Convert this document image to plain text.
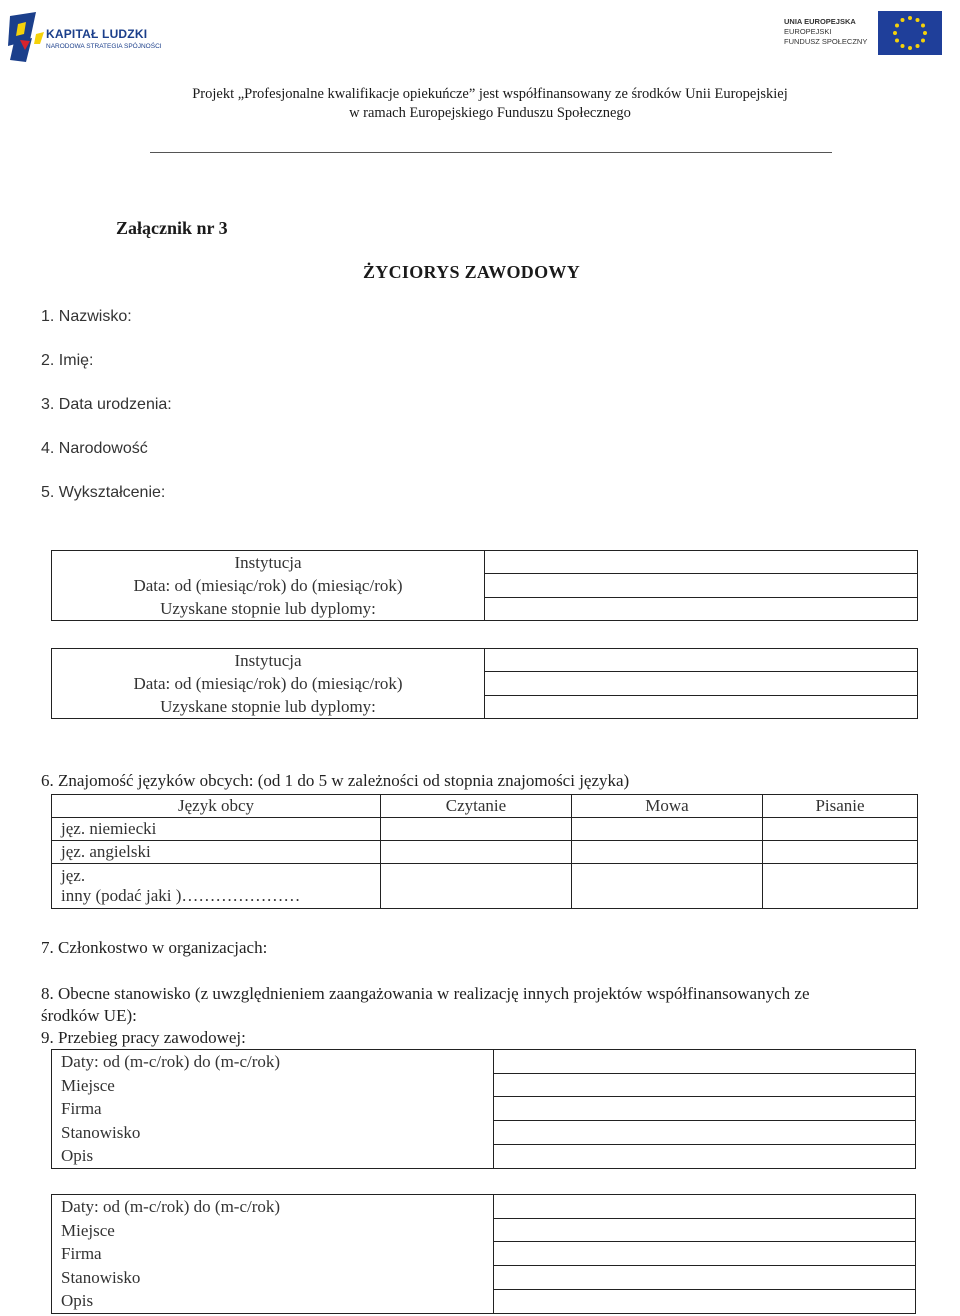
KAPITAŁ LUDZKI
NARODOWA STRATEGIA SPÓJNOŚCI
UNIA EUROPEJSKA
EUROPEJSKI
FUNDUSZ SPOŁECZNY
Projekt „Profesjonalne kwalifikacje opiekuńcze” jest współfinansowany ze środków Unii Europejskiej
w ramach Europejskiego Funduszu Społecznego
Załącznik nr 3
ŻYCIORYS ZAWODOWY
1. Nazwisko:
2. Imię:
3. Data urodzenia:
4. Narodowość
5. Wykształcenie:
Instytucja
Data: od (miesiąc/rok) do (miesiąc/rok)
Uzyskane stopnie lub dyplomy:

Instytucja
Data: od (miesiąc/rok) do (miesiąc/rok)
Uzyskane stopnie lub dyplomy:

6. Znajomość języków obcych: (od 1 do 5 w zależności od stopnia znajomości języka)
Język obcy	Czytanie	Mowa	Pisanie
jęz. niemiecki			
jęz. angielski			

jęz.
inny (podać jaki )…………………			

7. Członkostwo w organizacjach:
8. Obecne stanowisko (z uwzględnieniem zaangażowania w realizację innych projektów współfinansowanych ze
środków UE):
9. Przebieg pracy zawodowej:
Daty: od (m-c/rok) do (m-c/rok)
Miejsce
Firma
Stanowisko
Opis

Daty: od (m-c/rok) do (m-c/rok)
Miejsce
Firma
Stanowisko
Opis
